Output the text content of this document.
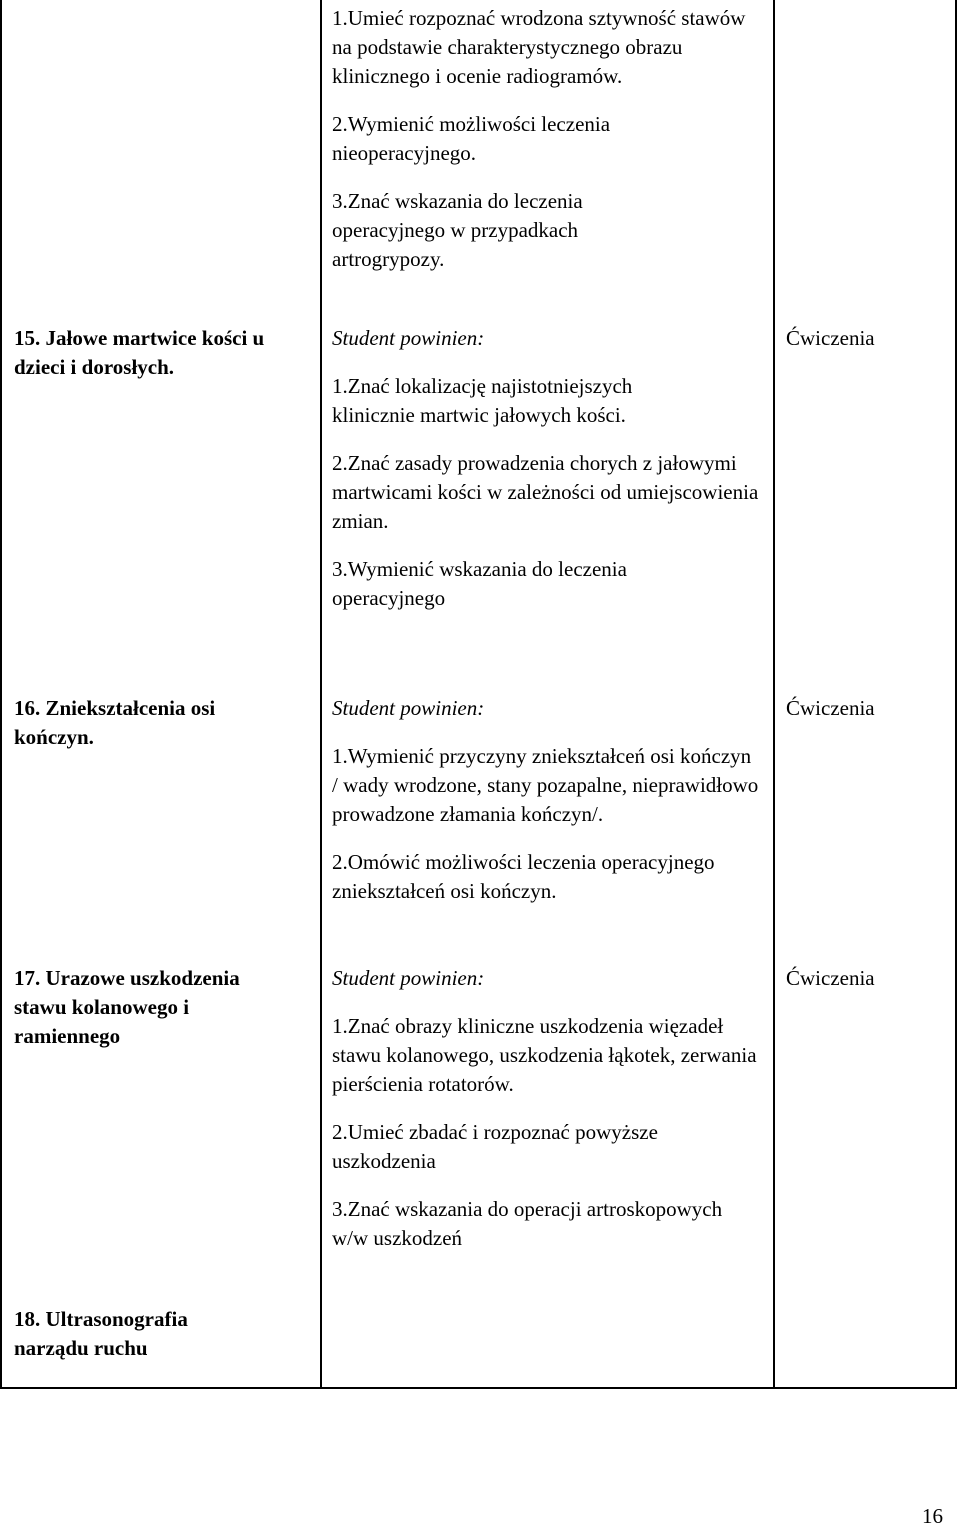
1.Umieć rozpoznać wrodzona sztywność stawów na podstawie charakterystycznego obrazu klinicznego i ocenie radiogramów.

2.Wymienić możliwości leczenia nieoperacyjnego.

3.Znać wskazania do leczenia operacyjnego w przypadkach artrogrypozy.

15. Jałowe martwice kości u dzieci i dorosłych.

Student powinien:

1.Znać lokalizację najistotniejszych klinicznie martwic jałowych kości.

2.Znać zasady prowadzenia chorych z jałowymi martwicami kości w zależności od umiejscowienia zmian.

3.Wymienić wskazania do leczenia operacyjnego

Ćwiczenia
16. Zniekształcenia osi kończyn.

Student powinien:

1.Wymienić przyczyny zniekształceń osi kończyn / wady wrodzone, stany pozapalne, nieprawidłowo prowadzone złamania kończyn/.

2.Omówić możliwości leczenia operacyjnego zniekształceń osi kończyn.

Ćwiczenia
17. Urazowe uszkodzenia stawu kolanowego i ramiennego

Student powinien:

1.Znać obrazy kliniczne uszkodzenia więzadeł stawu kolanowego, uszkodzenia łąkotek, zerwania pierścienia rotatorów.

2.Umieć zbadać i rozpoznać powyższe uszkodzenia

3.Znać wskazania do operacji artroskopowych w/w uszkodzeń

Ćwiczenia
18. Ultrasonografia narządu ruchu
16
